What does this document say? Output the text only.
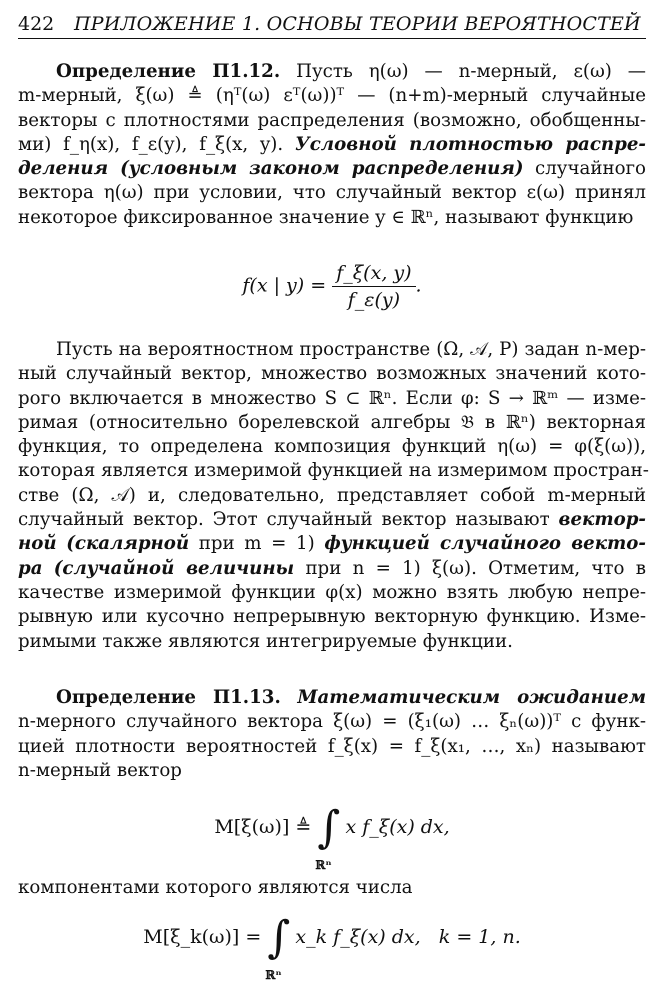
422 ПРИЛОЖЕНИЕ 1. ОСНОВЫ ТЕОРИИ ВЕРОЯТНОСТЕЙ
Определение П1.12. Пусть η(ω) — n-мерный, ε(ω) —
m-мерный, ξ(ω) ≜ (ηᵀ(ω) εᵀ(ω))ᵀ — (n+m)-мерный случайные
векторы с плотностями распределения (возможно, обобщенны-
ми) f_η(x), f_ε(y), f_ξ(x, y). Условной плотностью распре-
деления (условным законом распределения) случайного
вектора η(ω) при условии, что случайный вектор ε(ω) принял
некоторое фиксированное значение y ∈ ℝⁿ, называют функцию
f(x | $y) = \frac{f\_\xi(x, y)}{f\_\varepsilon(y)}$ .
Пусть на вероятностном пространстве (Ω, 𝒜, P) задан n-мер-
ный случайный вектор, множество возможных значений кото-
рого включается в множество S ⊂ ℝⁿ. Если φ: S → ℝᵐ — изме-
римая (относительно борелевской алгебры 𝔅 в ℝⁿ) векторная
функция, то определена композиция функций η(ω) = φ(ξ(ω)),
которая является измеримой функцией на измеримом простран-
стве (Ω, 𝒜) и, следовательно, представляет собой m-мерный
случайный вектор. Этот случайный вектор называют вектор-
ной (скалярной при m = 1) функцией случайного векто-
ра (случайной величины при n = 1) ξ(ω). Отметим, что в
качестве измеримой функции φ(x) можно взять любую непре-
рывную или кусочно непрерывную векторную функцию. Изме-
римыми также являются интегрируемые функции.
Определение П1.13. Математическим ожиданием
n-мерного случайного вектора ξ(ω) = (ξ₁(ω) … ξₙ(ω))ᵀ с функ-
цией плотности вероятностей f_ξ(x) = f_ξ(x₁, …, xₙ) называют
n-мерный вектор
M[ξ(ω)] ≜ ∫
ℝⁿ
x f_ξ(x) dx,
компонентами которого являются числа
M[ξ_k(ω)] = ∫
ℝⁿ
x_k f_ξ(x) dx, k = 1, n.
